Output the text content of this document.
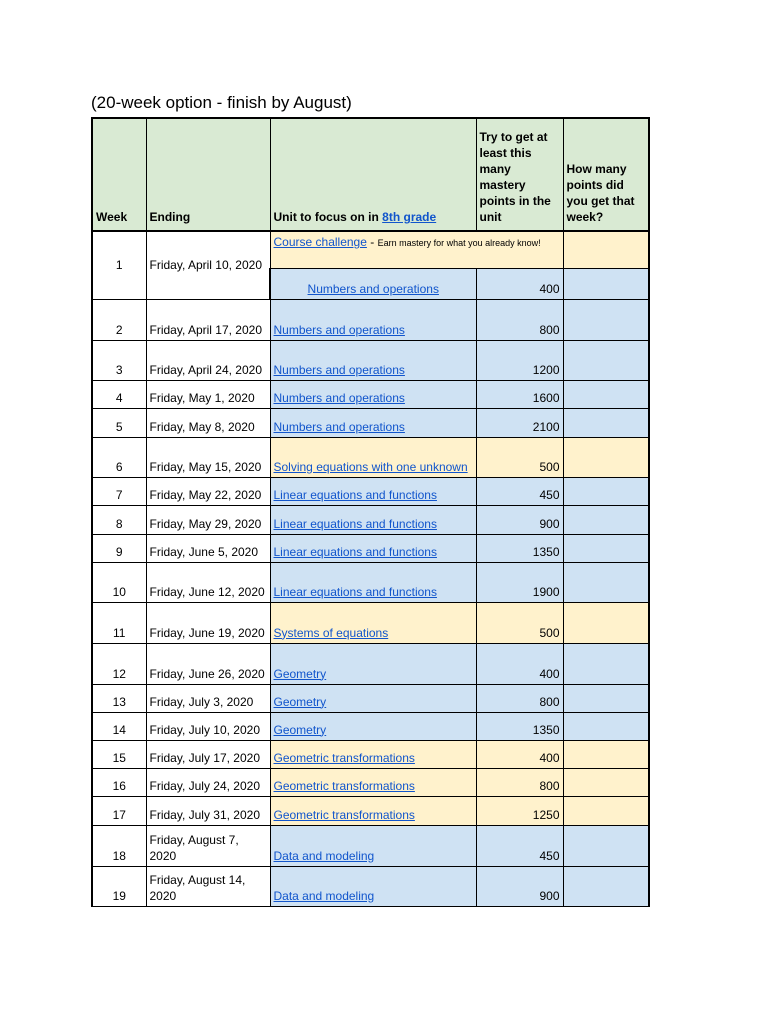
(20-week option - finish by August)
Week	Ending	Unit to focus on in 8th grade	Try to get at least this many mastery points in the unit	How many points did you get that week?
1	Friday, April 10, 2020	Course challenge - Earn mastery for what you already know!		
		Numbers and operations	400	
2	Friday, April 17, 2020	Numbers and operations	800	
3	Friday, April 24, 2020	Numbers and operations	1200	
4	Friday, May 1, 2020	Numbers and operations	1600	
5	Friday, May 8, 2020	Numbers and operations	2100	
6	Friday, May 15, 2020	Solving equations with one unknown	500	
7	Friday, May 22, 2020	Linear equations and functions	450	
8	Friday, May 29, 2020	Linear equations and functions	900	
9	Friday, June 5, 2020	Linear equations and functions	1350	
10	Friday, June 12, 2020	Linear equations and functions	1900	
11	Friday, June 19, 2020	Systems of equations	500	
12	Friday, June 26, 2020	Geometry	400	
13	Friday, July 3, 2020	Geometry	800	
14	Friday, July 10, 2020	Geometry	1350	
15	Friday, July 17, 2020	Geometric transformations	400	
16	Friday, July 24, 2020	Geometric transformations	800	
17	Friday, July 31, 2020	Geometric transformations	1250	
18	Friday, August 7, 2020	Data and modeling	450	
19	Friday, August 14, 2020	Data and modeling	900	
